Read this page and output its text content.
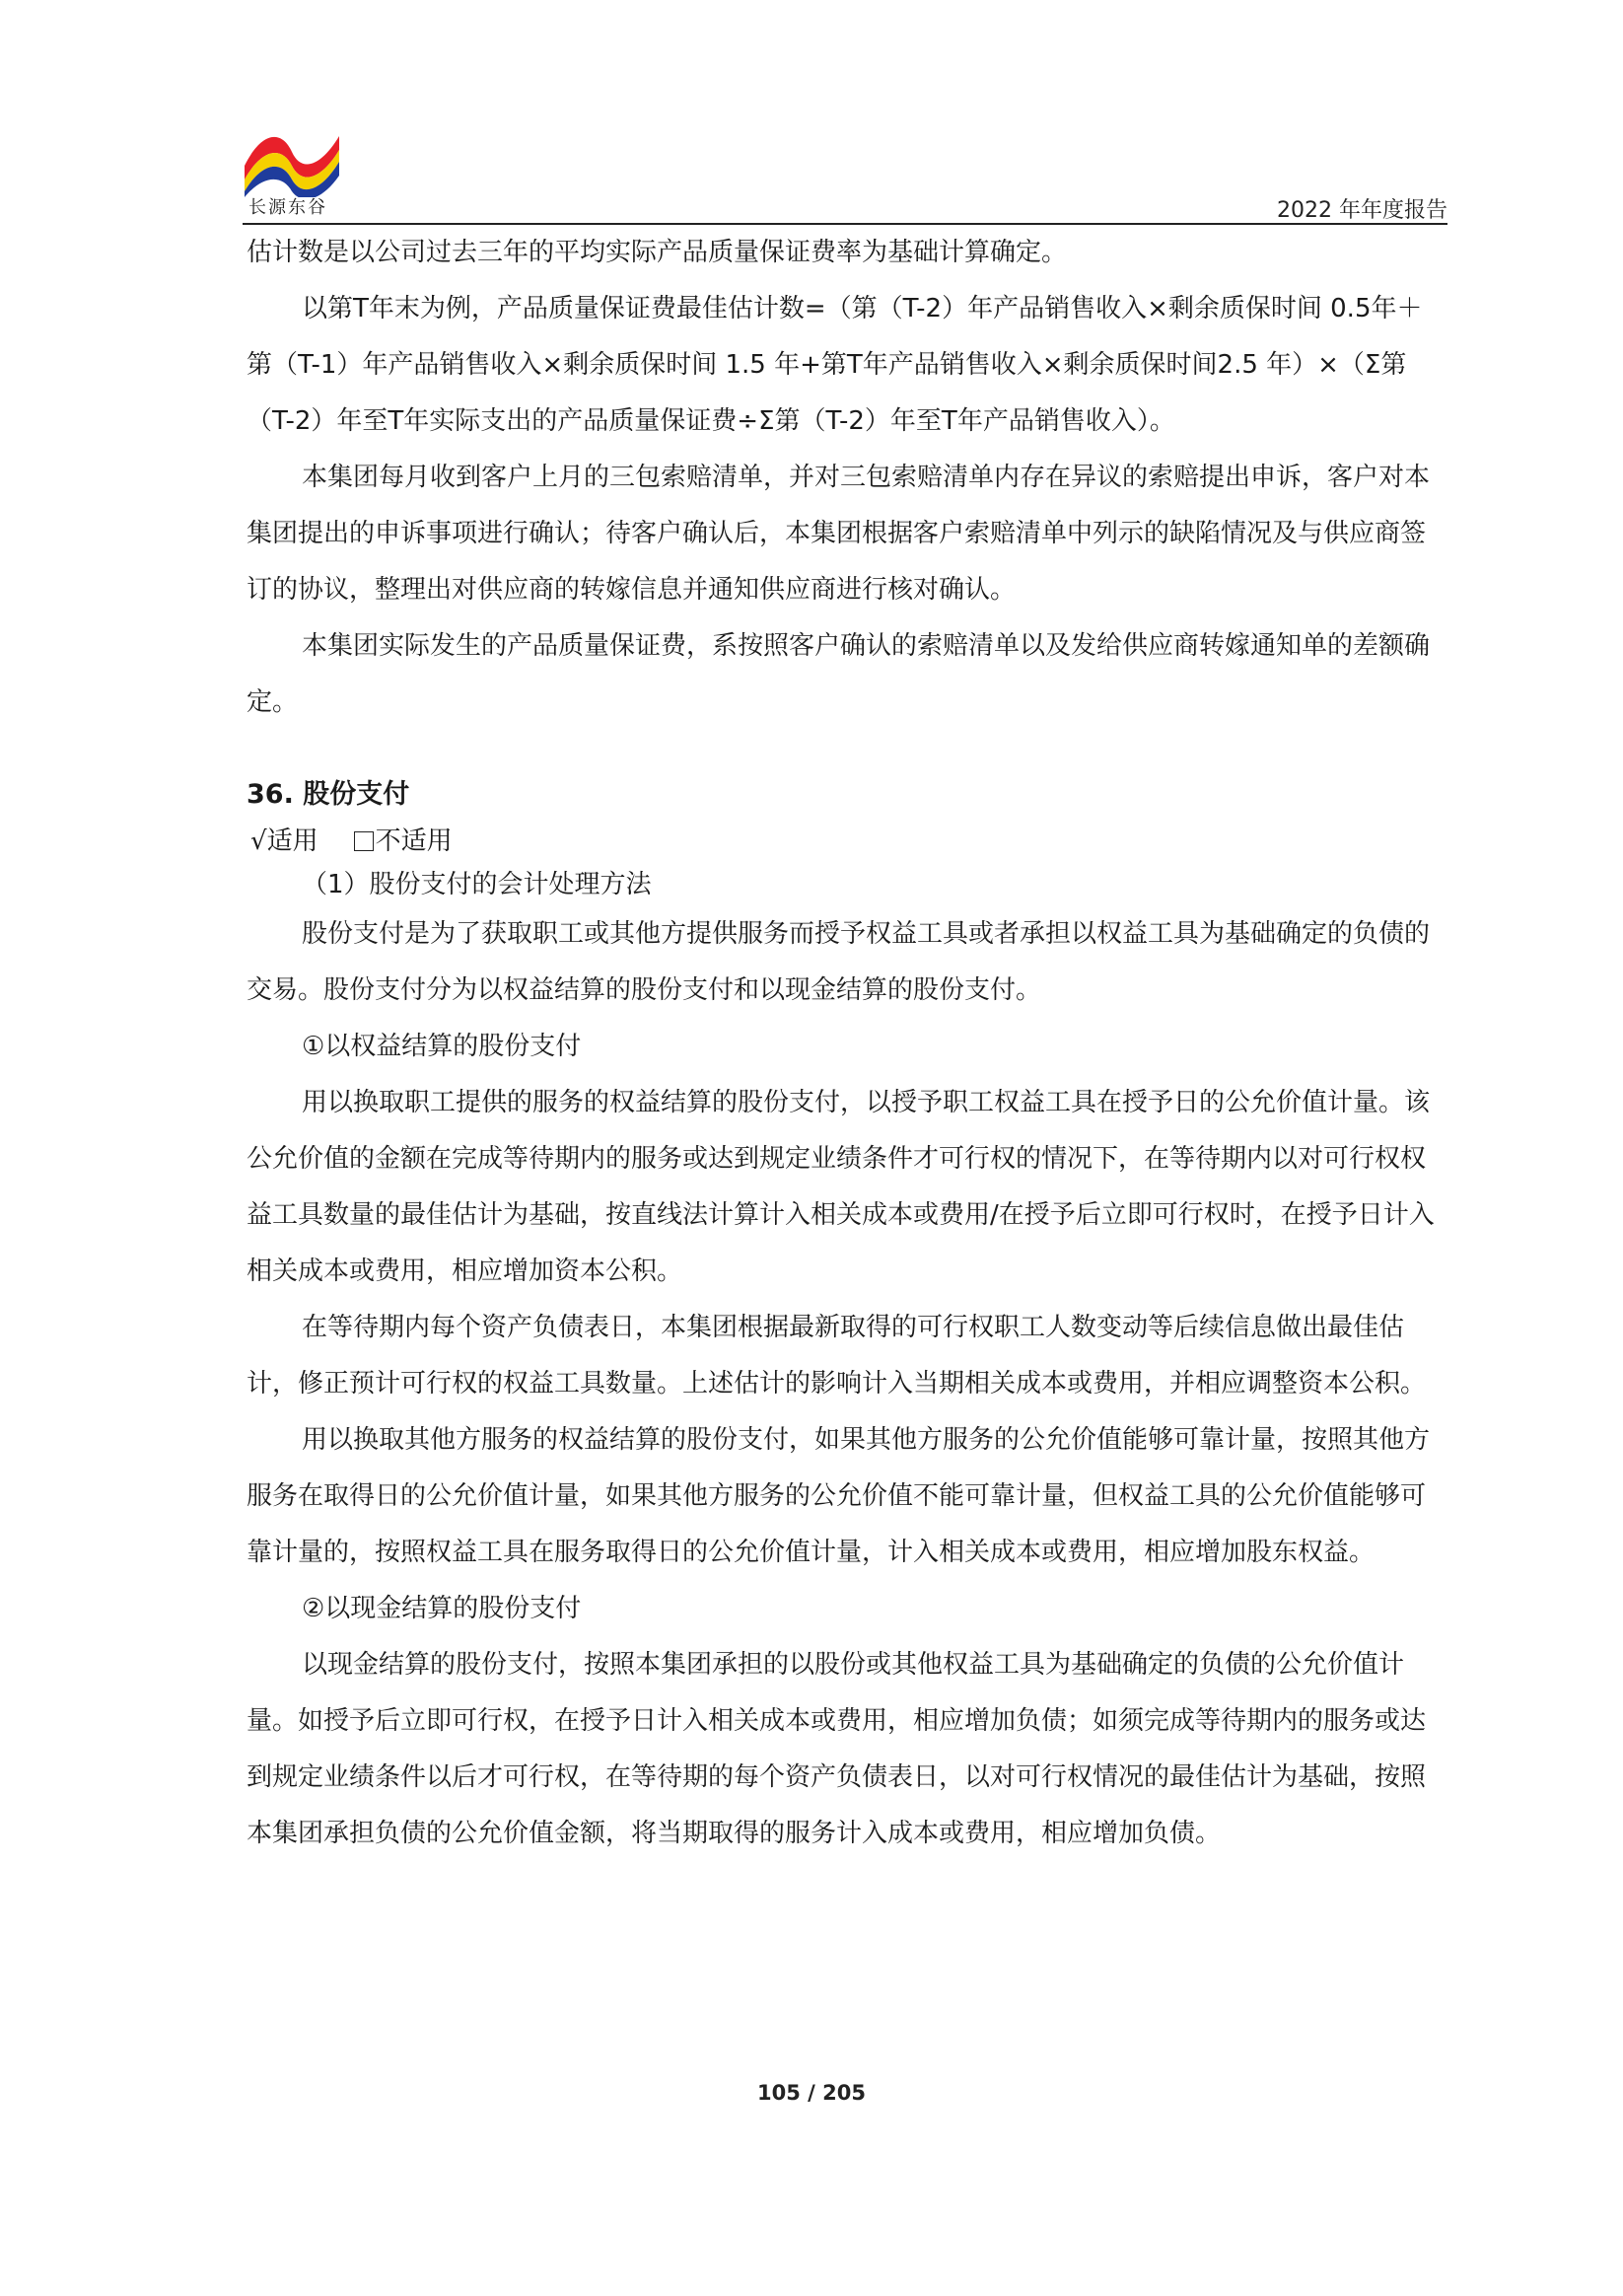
长源东谷	2022 年年度报告

估计数是以公司过去三年的平均实际产品质量保证费率为基础计算确定。

以第T年末为例，产品质量保证费最佳估计数=（第（T-2）年产品销售收入×剩余质保时间 0.5年＋第（T-1）年产品销售收入×剩余质保时间 1.5 年+第T年产品销售收入×剩余质保时间2.5 年）×（Σ第（T-2）年至T年实际支出的产品质量保证费÷Σ第（T-2）年至T年产品销售收入）。

本集团每月收到客户上月的三包索赔清单，并对三包索赔清单内存在异议的索赔提出申诉，客户对本集团提出的申诉事项进行确认；待客户确认后，本集团根据客户索赔清单中列示的缺陷情况及与供应商签订的协议，整理出对供应商的转嫁信息并通知供应商进行核对确认。

本集团实际发生的产品质量保证费，系按照客户确认的索赔清单以及发给供应商转嫁通知单的差额确定。

36. 股份支付

√适用 不适用

（1）股份支付的会计处理方法

股份支付是为了获取职工或其他方提供服务而授予权益工具或者承担以权益工具为基础确定的负债的交易。股份支付分为以权益结算的股份支付和以现金结算的股份支付。

①以权益结算的股份支付

用以换取职工提供的服务的权益结算的股份支付，以授予职工权益工具在授予日的公允价值计量。该公允价值的金额在完成等待期内的服务或达到规定业绩条件才可行权的情况下，在等待期内以对可行权权益工具数量的最佳估计为基础，按直线法计算计入相关成本或费用/在授予后立即可行权时，在授予日计入相关成本或费用，相应增加资本公积。

在等待期内每个资产负债表日，本集团根据最新取得的可行权职工人数变动等后续信息做出最佳估计，修正预计可行权的权益工具数量。上述估计的影响计入当期相关成本或费用，并相应调整资本公积。

用以换取其他方服务的权益结算的股份支付，如果其他方服务的公允价值能够可靠计量，按照其他方服务在取得日的公允价值计量，如果其他方服务的公允价值不能可靠计量，但权益工具的公允价值能够可靠计量的，按照权益工具在服务取得日的公允价值计量，计入相关成本或费用，相应增加股东权益。

②以现金结算的股份支付

以现金结算的股份支付，按照本集团承担的以股份或其他权益工具为基础确定的负债的公允价值计量。如授予后立即可行权，在授予日计入相关成本或费用，相应增加负债；如须完成等待期内的服务或达到规定业绩条件以后才可行权，在等待期的每个资产负债表日，以对可行权情况的最佳估计为基础，按照本集团承担负债的公允价值金额，将当期取得的服务计入成本或费用，相应增加负债。

105 / 205
